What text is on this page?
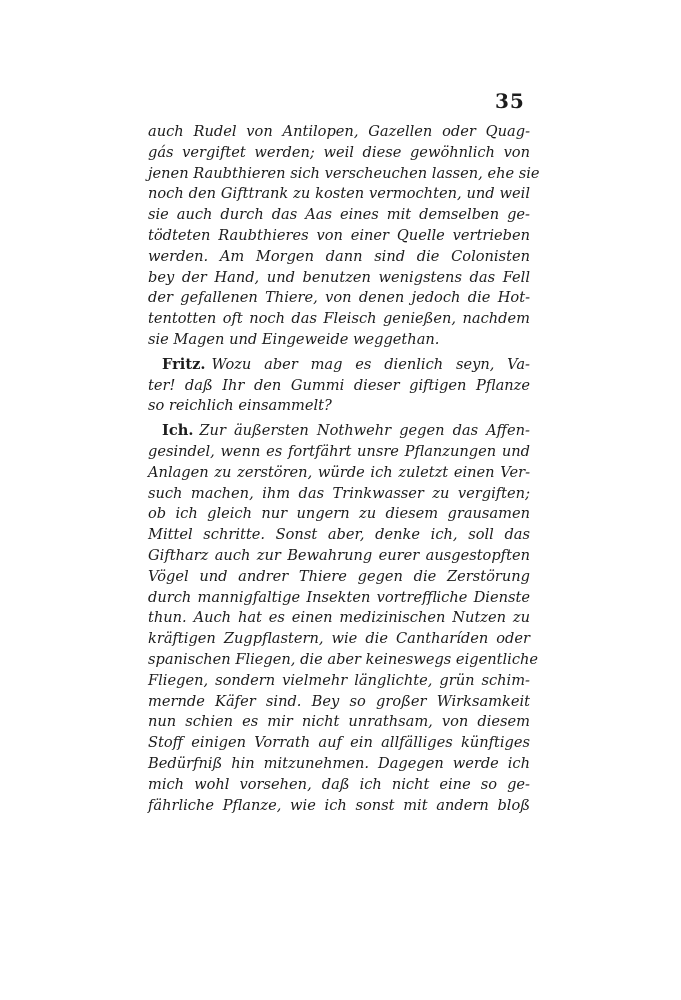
35
auch Rudel von Antilopen, Gazellen oder Quag-
gás vergiftet werden; weil diese gewöhnlich von
jenen Raubthieren sich verscheuchen lassen, ehe sie
noch den Gifttrank zu kosten vermochten, und weil
sie auch durch das Aas eines mit demselben ge-
tödteten Raubthieres von einer Quelle vertrieben
werden. Am Morgen dann sind die Colonisten
bey der Hand, und benutzen wenigstens das Fell
der gefallenen Thiere, von denen jedoch die Hot-
tentotten oft noch das Fleisch genießen, nachdem
sie Magen und Eingeweide weggethan.
Fritz. Wozu aber mag es dienlich seyn, Va-
ter! daß Ihr den Gummi dieser giftigen Pflanze
so reichlich einsammelt?
Ich. Zur äußersten Nothwehr gegen das Affen-
gesindel, wenn es fortfährt unsre Pflanzungen und
Anlagen zu zerstören, würde ich zuletzt einen Ver-
such machen, ihm das Trinkwasser zu vergiften;
ob ich gleich nur ungern zu diesem grausamen
Mittel schritte. Sonst aber, denke ich, soll das
Giftharz auch zur Bewahrung eurer ausgestopften
Vögel und andrer Thiere gegen die Zerstörung
durch mannigfaltige Insekten vortreffliche Dienste
thun. Auch hat es einen medizinischen Nutzen zu
kräftigen Zugpflastern, wie die Cantharíden oder
spanischen Fliegen, die aber keineswegs eigentliche
Fliegen, sondern vielmehr länglichte, grün schim-
mernde Käfer sind. Bey so großer Wirksamkeit
nun schien es mir nicht unrathsam, von diesem
Stoff einigen Vorrath auf ein allfälliges künftiges
Bedürfniß hin mitzunehmen. Dagegen werde ich
mich wohl vorsehen, daß ich nicht eine so ge-
fährliche Pflanze, wie ich sonst mit andern bloß
